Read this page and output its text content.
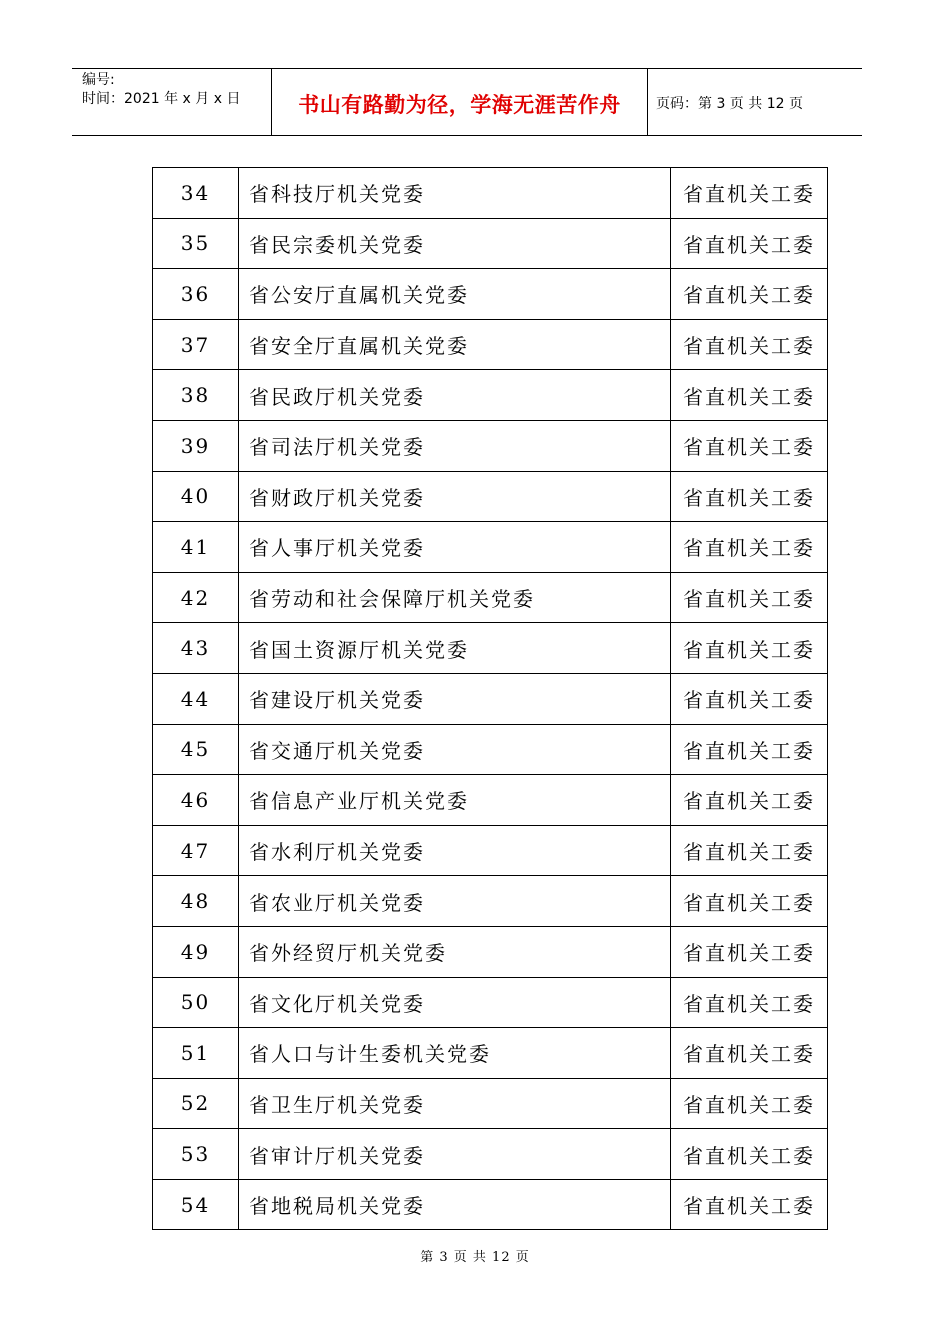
编号:
时间：2021 年 x 月 x 日	书山有路勤为径，学海无涯苦作舟	页码：第 3 页 共 12 页
34	省科技厅机关党委	省直机关工委
35	省民宗委机关党委	省直机关工委
36	省公安厅直属机关党委	省直机关工委
37	省安全厅直属机关党委	省直机关工委
38	省民政厅机关党委	省直机关工委
39	省司法厅机关党委	省直机关工委
40	省财政厅机关党委	省直机关工委
41	省人事厅机关党委	省直机关工委
42	省劳动和社会保障厅机关党委	省直机关工委
43	省国土资源厅机关党委	省直机关工委
44	省建设厅机关党委	省直机关工委
45	省交通厅机关党委	省直机关工委
46	省信息产业厅机关党委	省直机关工委
47	省水利厅机关党委	省直机关工委
48	省农业厅机关党委	省直机关工委
49	省外经贸厅机关党委	省直机关工委
50	省文化厅机关党委	省直机关工委
51	省人口与计生委机关党委	省直机关工委
52	省卫生厅机关党委	省直机关工委
53	省审计厅机关党委	省直机关工委
54	省地税局机关党委	省直机关工委
第 3 页 共 12 页
